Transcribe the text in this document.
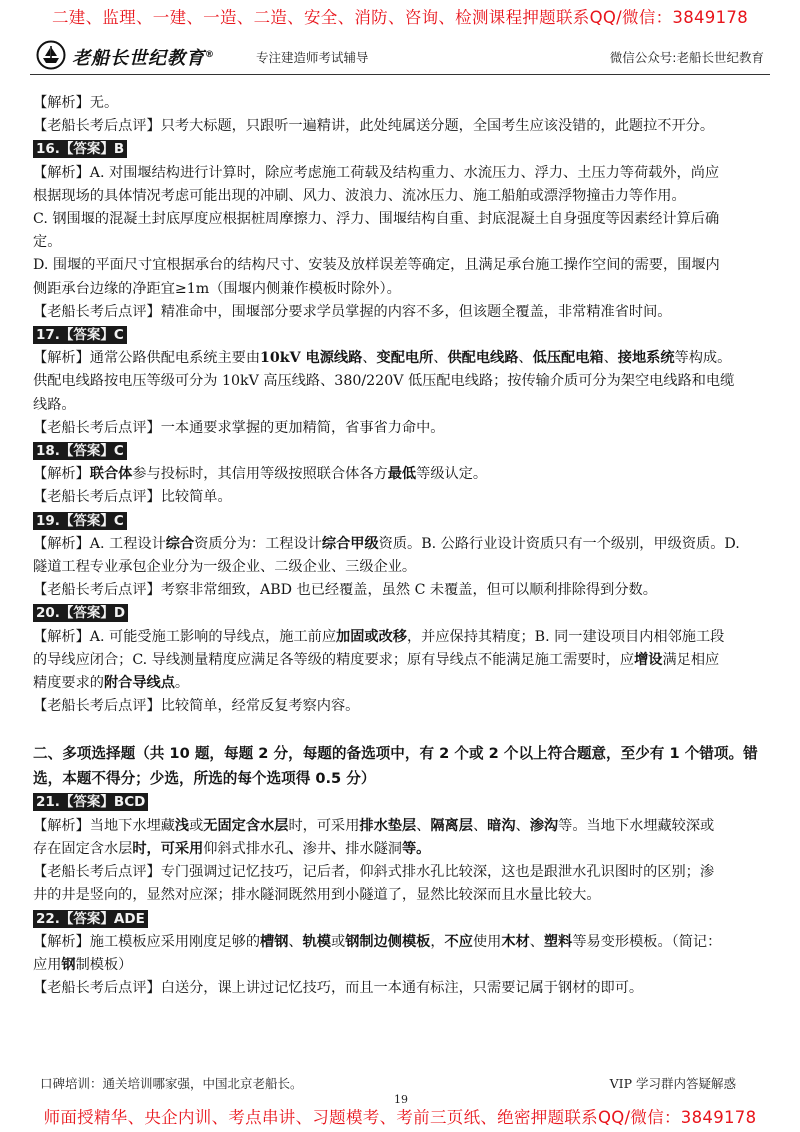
二建、监理、一建、一造、二造、安全、消防、咨询、检测课程押题联系QQ/微信：3849178
老船长世纪教育®	专注建造师考试辅导	微信公众号:老船长世纪教育

【解析】无。

【老船长考后点评】只考大标题，只跟听一遍精讲，此处纯属送分题，全国考生应该没错的，此题拉不开分。

16.【答案】B

【解析】A. 对围堰结构进行计算时，除应考虑施工荷载及结构重力、水流压力、浮力、土压力等荷载外，尚应

根据现场的具体情况考虑可能出现的冲刷、风力、波浪力、流冰压力、施工船舶或漂浮物撞击力等作用。

C. 钢围堰的混凝土封底厚度应根据桩周摩擦力、浮力、围堰结构自重、封底混凝土自身强度等因素经计算后确

定。

D. 围堰的平面尺寸宜根据承台的结构尺寸、安装及放样误差等确定，且满足承台施工操作空间的需要，围堰内

侧距承台边缘的净距宜≥1m（围堰内侧兼作模板时除外）。

【老船长考后点评】精准命中，围堰部分要求学员掌握的内容不多，但该题全覆盖，非常精准省时间。

17.【答案】C

【解析】通常公路供配电系统主要由10kV 电源线路、变配电所、供配电线路、低压配电箱、接地系统等构成。

供配电线路按电压等级可分为 10kV 高压线路、380/220V 低压配电线路；按传输介质可分为架空电线路和电缆

线路。

【老船长考后点评】一本通要求掌握的更加精简，省事省力命中。

18.【答案】C

【解析】联合体参与投标时，其信用等级按照联合体各方最低等级认定。

【老船长考后点评】比较简单。

19.【答案】C

【解析】A. 工程设计综合资质分为：工程设计综合甲级资质。B. 公路行业设计资质只有一个级别，甲级资质。D.

隧道工程专业承包企业分为一级企业、二级企业、三级企业。

【老船长考后点评】考察非常细致，ABD 也已经覆盖，虽然 C 未覆盖，但可以顺利排除得到分数。

20.【答案】D

【解析】A. 可能受施工影响的导线点，施工前应加固或改移，并应保持其精度；B. 同一建设项目内相邻施工段

的导线应闭合；C. 导线测量精度应满足各等级的精度要求；原有导线点不能满足施工需要时，应增设满足相应

精度要求的附合导线点。

【老船长考后点评】比较简单，经常反复考察内容。

二、多项选择题（共 10 题，每题 2 分，每题的备选项中，有 2 个或 2 个以上符合题意，至少有 1 个错项。错

选，本题不得分；少选，所选的每个选项得 0.5 分）

21.【答案】BCD

【解析】当地下水埋藏浅或无固定含水层时，可采用排水垫层、隔离层、暗沟、渗沟等。当地下水埋藏较深或

存在固定含水层时，可采用仰斜式排水孔、渗井、排水隧洞等。

【老船长考后点评】专门强调过记忆技巧，记后者，仰斜式排水孔比较深，这也是跟泄水孔识图时的区别；渗

井的井是竖向的，显然对应深；排水隧洞既然用到小隧道了，显然比较深而且水量比较大。

22.【答案】ADE

【解析】施工模板应采用刚度足够的槽钢、轨模或钢制边侧模板，不应使用木材、塑料等易变形模板。（简记：

应用钢制模板）

【老船长考后点评】白送分，课上讲过记忆技巧，而且一本通有标注，只需要记属于钢材的即可。

口碑培训：通关培训哪家强，中国北京老船长。	VIP 学习群内答疑解惑
19
师面授精华、央企内训、考点串讲、习题模考、考前三页纸、绝密押题联系QQ/微信：3849178
